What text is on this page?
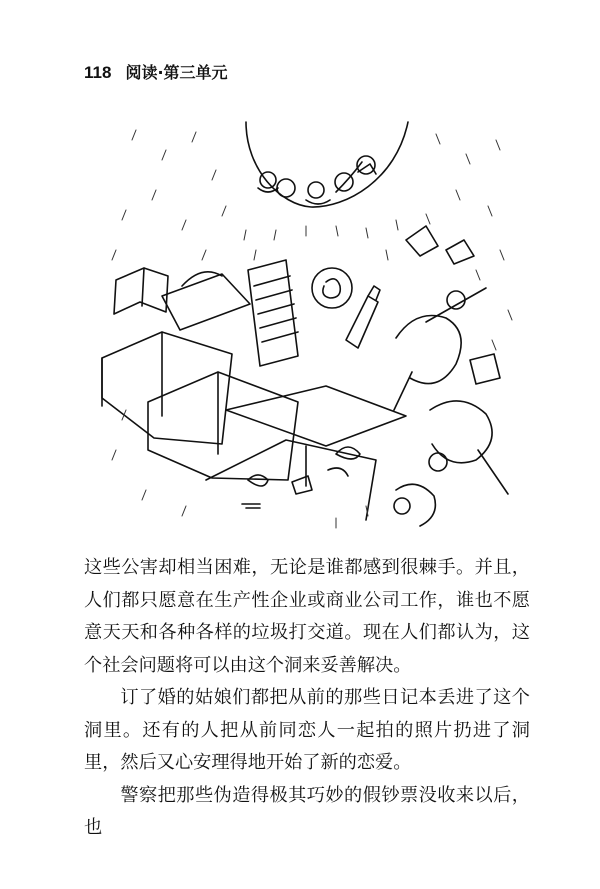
118 阅读·第三单元

这些公害却相当困难，无论是谁都感到很棘手。并且，人们都只愿意在生产性企业或商业公司工作，谁也不愿意天天和各种各样的垃圾打交道。现在人们都认为，这个社会问题将可以由这个洞来妥善解决。

订了婚的姑娘们都把从前的那些日记本丢进了这个洞里。还有的人把从前同恋人一起拍的照片扔进了洞里，然后又心安理得地开始了新的恋爱。

警察把那些伪造得极其巧妙的假钞票没收来以后，也
